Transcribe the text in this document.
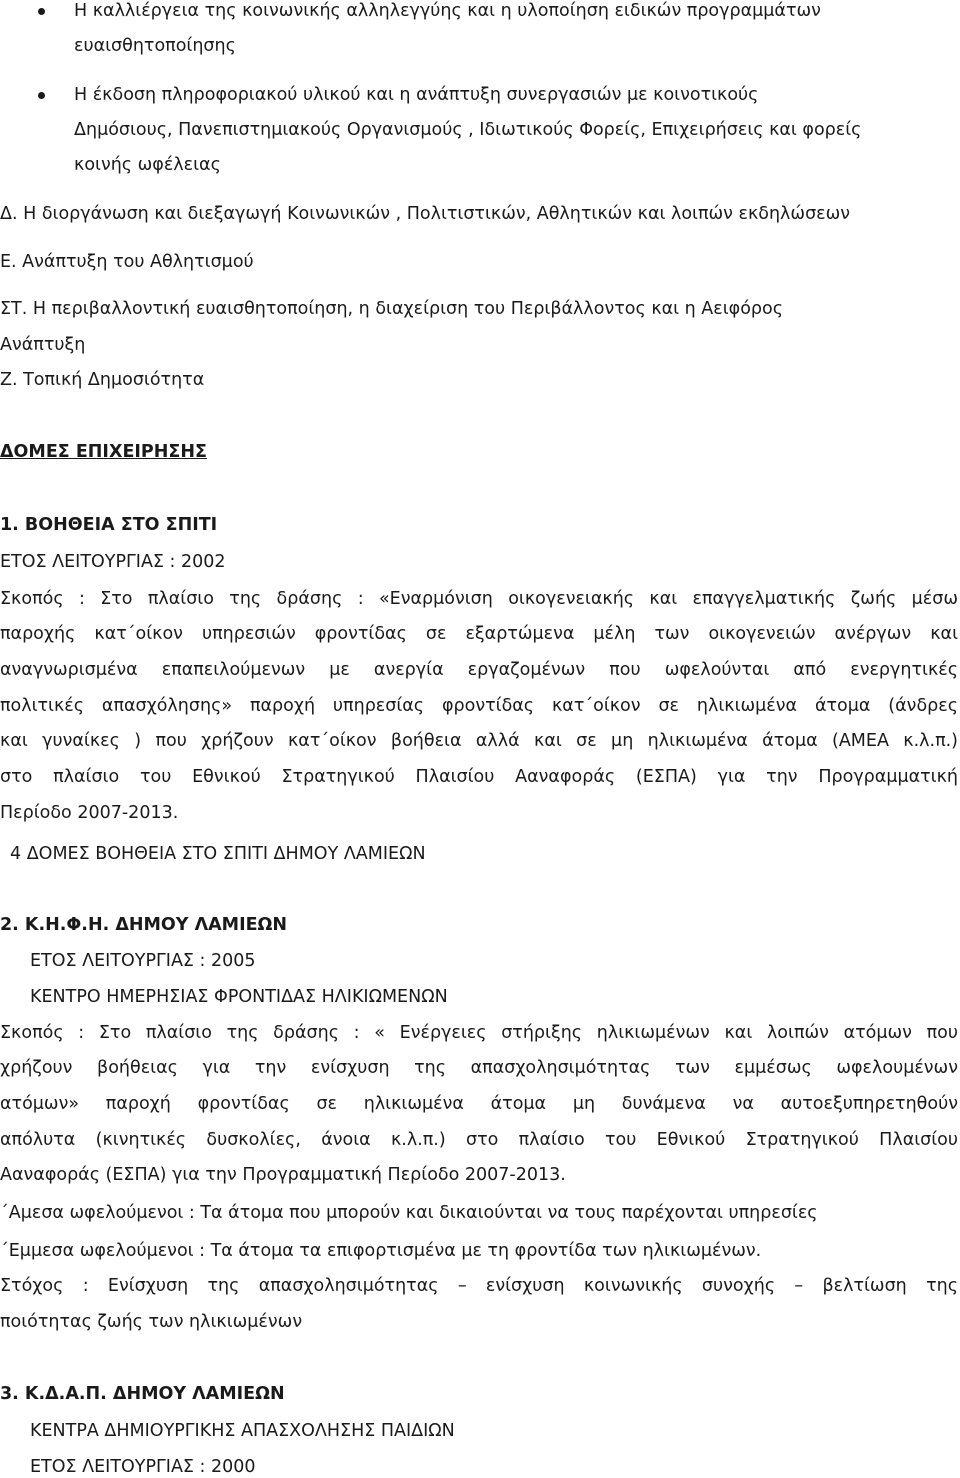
Η καλλιέργεια της κοινωνικής αλληλεγγύης και η υλοποίηση ειδικών προγραμμάτων
ευαισθητοποίησης
Η έκδοση πληροφοριακού υλικού και η ανάπτυξη συνεργασιών με κοινοτικούς
Δημόσιους, Πανεπιστημιακούς Οργανισμούς , Ιδιωτικούς Φορείς, Επιχειρήσεις και φορείς
κοινής ωφέλειας
Δ. Η διοργάνωση και διεξαγωγή Κοινωνικών , Πολιτιστικών, Αθλητικών και λοιπών εκδηλώσεων
Ε. Ανάπτυξη του Αθλητισμού
ΣΤ. Η περιβαλλοντική ευαισθητοποίηση, η διαχείριση του Περιβάλλοντος και η Αειφόρος
Ανάπτυξη
Ζ. Τοπική Δημοσιότητα
ΔΟΜΕΣ ΕΠΙΧΕΙΡΗΣΗΣ
1. ΒΟΗΘΕΙΑ ΣΤΟ ΣΠΙΤΙ
ΕΤΟΣ ΛΕΙΤΟΥΡΓΙΑΣ : 2002
Σκοπός : Στο πλαίσιο της δράσης : «Εναρμόνιση οικογενειακής και επαγγελματικής ζωής μέσω
παροχής κατ΄οίκον υπηρεσιών φροντίδας σε εξαρτώμενα μέλη των οικογενειών ανέργων και
αναγνωρισμένα επαπειλούμενων με ανεργία εργαζομένων που ωφελούνται από ενεργητικές
πολιτικές απασχόλησης» παροχή υπηρεσίας φροντίδας κατ΄οίκον σε ηλικιωμένα άτομα (άνδρες
και γυναίκες ) που χρήζουν κατ΄οίκον βοήθεια αλλά και σε μη ηλικιωμένα άτομα (ΑΜΕΑ κ.λ.π.)
στο πλαίσιο του Εθνικού Στρατηγικού Πλαισίου Ααναφοράς (ΕΣΠΑ) για την Προγραμματική
Περίοδο 2007-2013.
4 ΔΟΜΕΣ ΒΟΗΘΕΙΑ ΣΤΟ ΣΠΙΤΙ ΔΗΜΟΥ ΛΑΜΙΕΩΝ
2. Κ.Η.Φ.Η. ΔΗΜΟΥ ΛΑΜΙΕΩΝ
ΕΤΟΣ ΛΕΙΤΟΥΡΓΙΑΣ : 2005
ΚΕΝΤΡΟ ΗΜΕΡΗΣΙΑΣ ΦΡΟΝΤΙΔΑΣ ΗΛΙΚΙΩΜΕΝΩΝ
Σκοπός : Στο πλαίσιο της δράσης : « Ενέργειες στήριξης ηλικιωμένων και λοιπών ατόμων που
χρήζουν βοήθειας για την ενίσχυση της απασχολησιμότητας των εμμέσως ωφελουμένων
ατόμων» παροχή φροντίδας σε ηλικιωμένα άτομα μη δυνάμενα να αυτοεξυπηρετηθούν
απόλυτα (κινητικές δυσκολίες, άνοια κ.λ.π.) στο πλαίσιο του Εθνικού Στρατηγικού Πλαισίου
Ααναφοράς (ΕΣΠΑ) για την Προγραμματική Περίοδο 2007-2013.
΄Αμεσα ωφελούμενοι : Τα άτομα που μπορούν και δικαιούνται να τους παρέχονται υπηρεσίες
΄Εμμεσα ωφελούμενοι : Τα άτομα τα επιφορτισμένα με τη φροντίδα των ηλικιωμένων.
Στόχος : Ενίσχυση της απασχολησιμότητας – ενίσχυση κοινωνικής συνοχής – βελτίωση της
ποιότητας ζωής των ηλικιωμένων
3. Κ.Δ.Α.Π. ΔΗΜΟΥ ΛΑΜΙΕΩΝ
ΚΕΝΤΡΑ ΔΗΜΙΟΥΡΓΙΚΗΣ ΑΠΑΣΧΟΛΗΣΗΣ ΠΑΙΔΙΩΝ
ΕΤΟΣ ΛΕΙΤΟΥΡΓΙΑΣ : 2000
